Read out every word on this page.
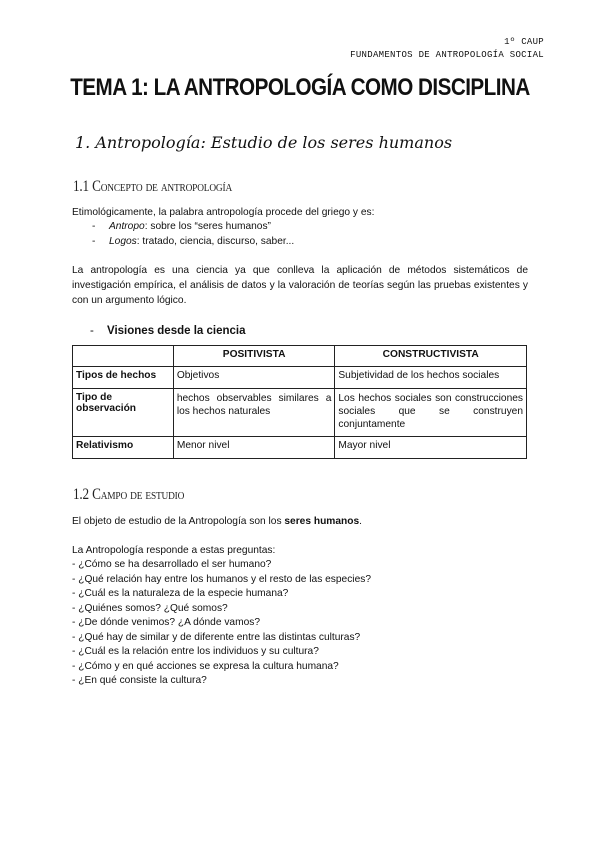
1º CAUP
FUNDAMENTOS DE ANTROPOLOGÍA SOCIAL
TEMA 1: LA ANTROPOLOGÍA COMO DISCIPLINA
1. Antropología: Estudio de los seres humanos
1.1 Concepto de antropología
Etimológicamente, la palabra antropología procede del griego y es:
- Antropo: sobre los “seres humanos”
- Logos: tratado, ciencia, discurso, saber...
La antropología es una ciencia ya que conlleva la aplicación de métodos sistemáticos de investigación empírica, el análisis de datos y la valoración de teorías según las pruebas existentes y con un argumento lógico.
- Visiones desde la ciencia
	POSITIVISTA	CONSTRUCTIVISTA
Tipos de hechos	Objetivos	Subjetividad de los hechos sociales
Tipo de observación	hechos observables similares a los hechos naturales	Los hechos sociales son construcciones sociales que se construyen conjuntamente
Relativismo	Menor nivel	Mayor nivel
1.2 Campo de estudio
El objeto de estudio de la Antropología son los seres humanos.
La Antropología responde a estas preguntas:
- ¿Cómo se ha desarrollado el ser humano?
- ¿Qué relación hay entre los humanos y el resto de las especies?
- ¿Cuál es la naturaleza de la especie humana?
- ¿Quiénes somos? ¿Qué somos?
- ¿De dónde venimos? ¿A dónde vamos?
- ¿Qué hay de similar y de diferente entre las distintas culturas?
- ¿Cuál es la relación entre los individuos y su cultura?
- ¿Cómo y en qué acciones se expresa la cultura humana?
- ¿En qué consiste la cultura?
